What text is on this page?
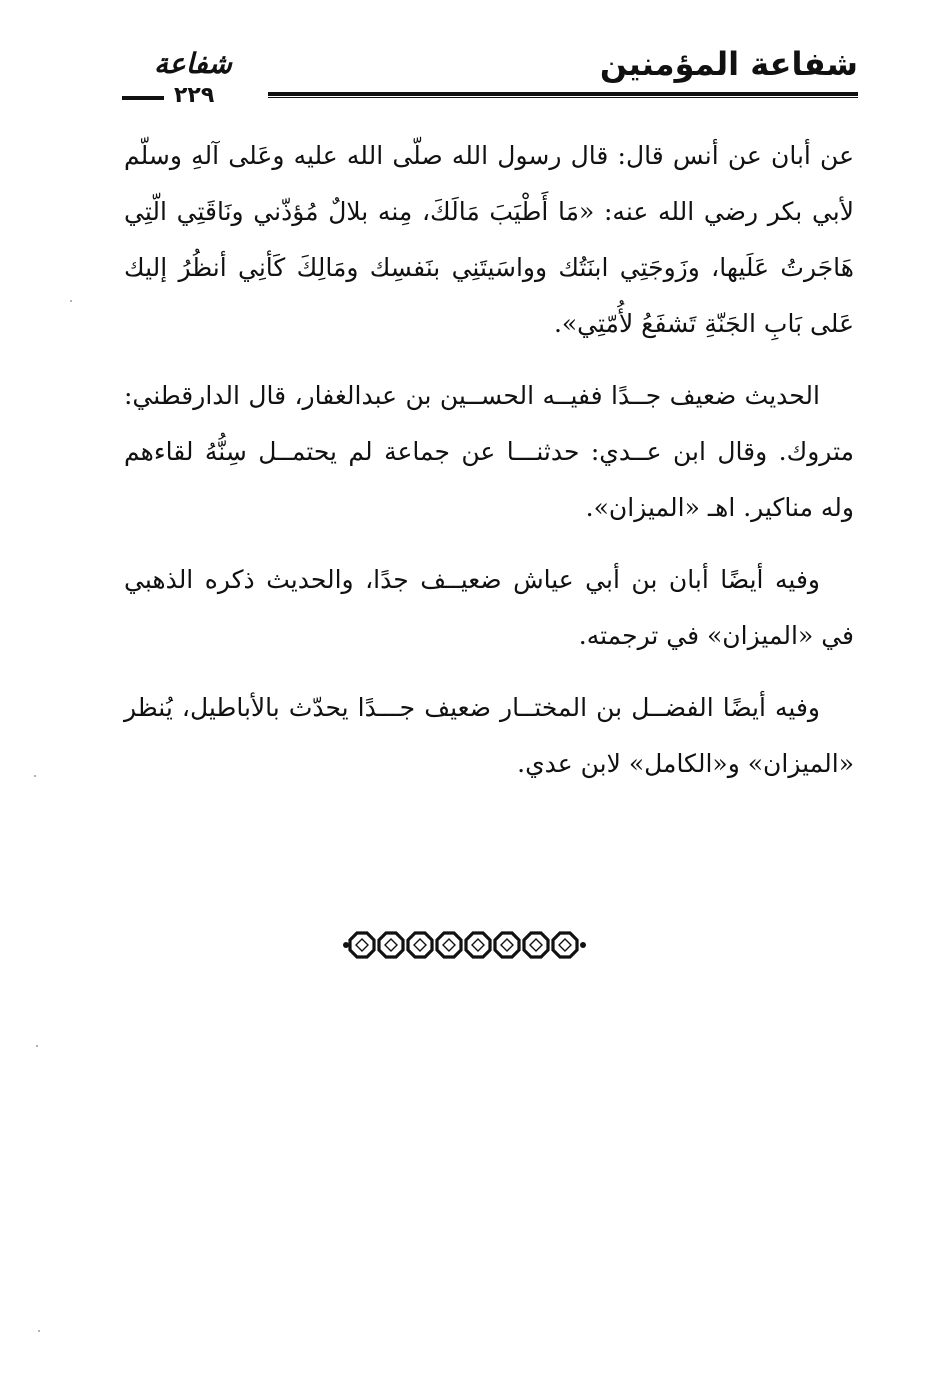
شفاعة المؤمنين
شفاعة
٢٢٩

عن أبان عن أنس قال: قال رسول الله صلّى الله عليه وعَلى آلهِ وسلّم لأبي بكر رضي الله عنه: «مَا أَطْيَبَ مَالَكَ، مِنه بلالٌ مُؤذّني ونَاقَتِي الّتِي هَاجَرتُ عَلَيها، وزَوجَتِي ابنَتُك وواسَيتَنِي بنَفسِك ومَالِكَ كَأنِي أنظُرُ إليك عَلى بَابِ الجَنّةِ تَشفَعُ لأُمّتِي».

الحديث ضعيف جــدًا ففيــه الحســين بن عبدالغفار، قال الدارقطني: متروك. وقال ابن عــدي: حدثنـــا عن جماعة لم يحتمــل سِنُّهُ لقاءهم وله مناكير. اهـ «الميزان».

وفيه أيضًا أبان بن أبي عياش ضعيــف جدًا، والحديث ذكره الذهبي في «الميزان» في ترجمته.

وفيه أيضًا الفضــل بن المختــار ضعيف جـــدًا يحدّث بالأباطيل، يُنظر «الميزان» و«الكامل» لابن عدي.
